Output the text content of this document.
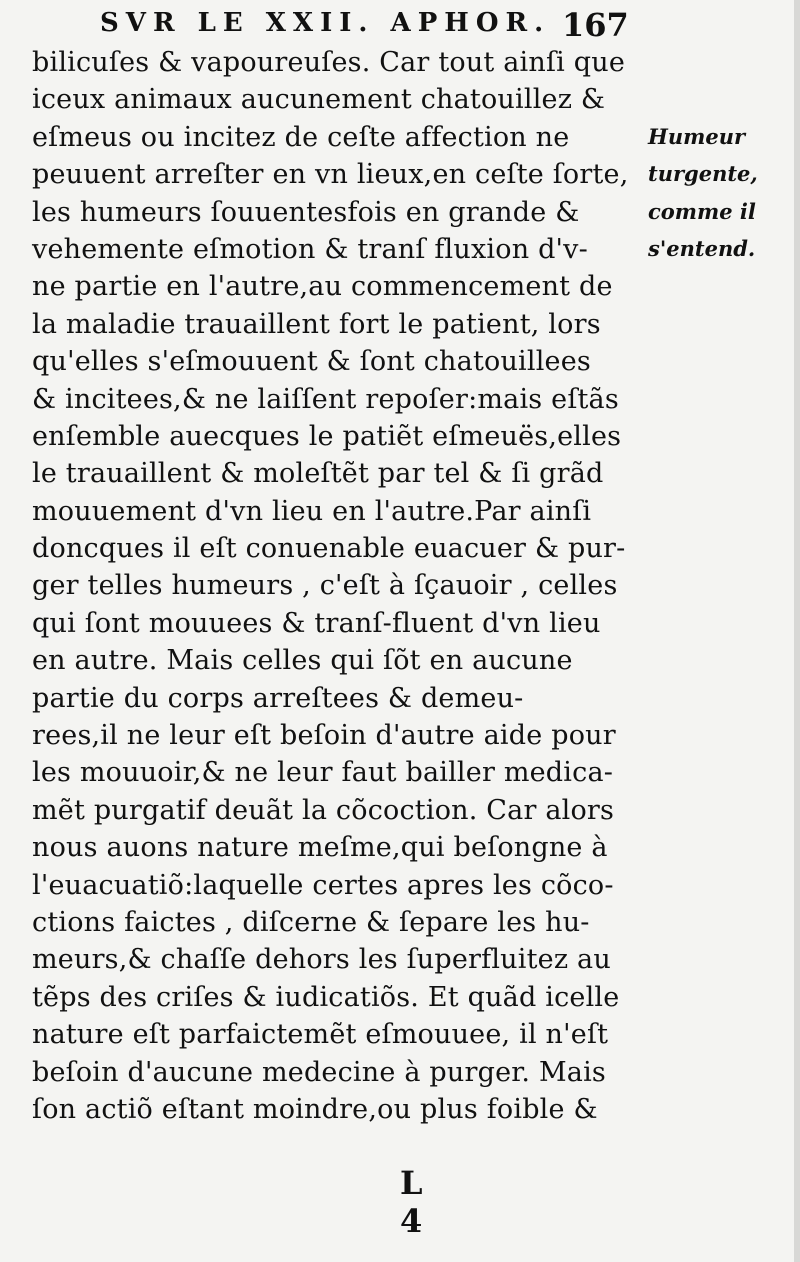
SVR LE XXII. APHOR. 167
bilicuſes & vapoureuſes. Car tout ainſi que
iceux animaux aucunement chatouillez &
eſmeus ou incitez de ceſte affection ne
peuuent arreſter en vn lieux,en ceſte ſorte,
les humeurs ſouuentesfois en grande &
vehemente eſmotion & tranſ fluxion d'v-
ne partie en l'autre,au commencement de
la maladie trauaillent fort le patient, lors
qu'elles s'eſmouuent & ſont chatouillees
& incitees,& ne laiſſent repoſer:mais eſtãs
enſemble auecques le patiẽt eſmeuës,elles
le trauaillent & moleſtẽt par tel & ſi grãd
mouuement d'vn lieu en l'autre.Par ainſi
doncques il eſt conuenable euacuer & pur-
ger telles humeurs , c'eſt à ſçauoir , celles
qui ſont mouuees & tranſ-fluent d'vn lieu
en autre. Mais celles qui ſõt en aucune
partie du corps arreſtees & demeu-
rees,il ne leur eſt beſoin d'autre aide pour
les mouuoir,& ne leur faut bailler medica-
mẽt purgatif deuãt la cõcoction. Car alors
nous auons nature meſme,qui beſongne à
l'euacuatiõ:laquelle certes apres les cõco-
ctions faictes , diſcerne & ſepare les hu-
meurs,& chaſſe dehors les ſuperfluitez au
tẽps des criſes & iudicatiõs. Et quãd icelle
nature eſt parfaictemẽt eſmouuee, il n'eſt
beſoin d'aucune medecine à purger. Mais
ſon actiõ eſtant moindre,ou plus foible &
Humeur
turgente,
comme il
s'entend.
L 4
